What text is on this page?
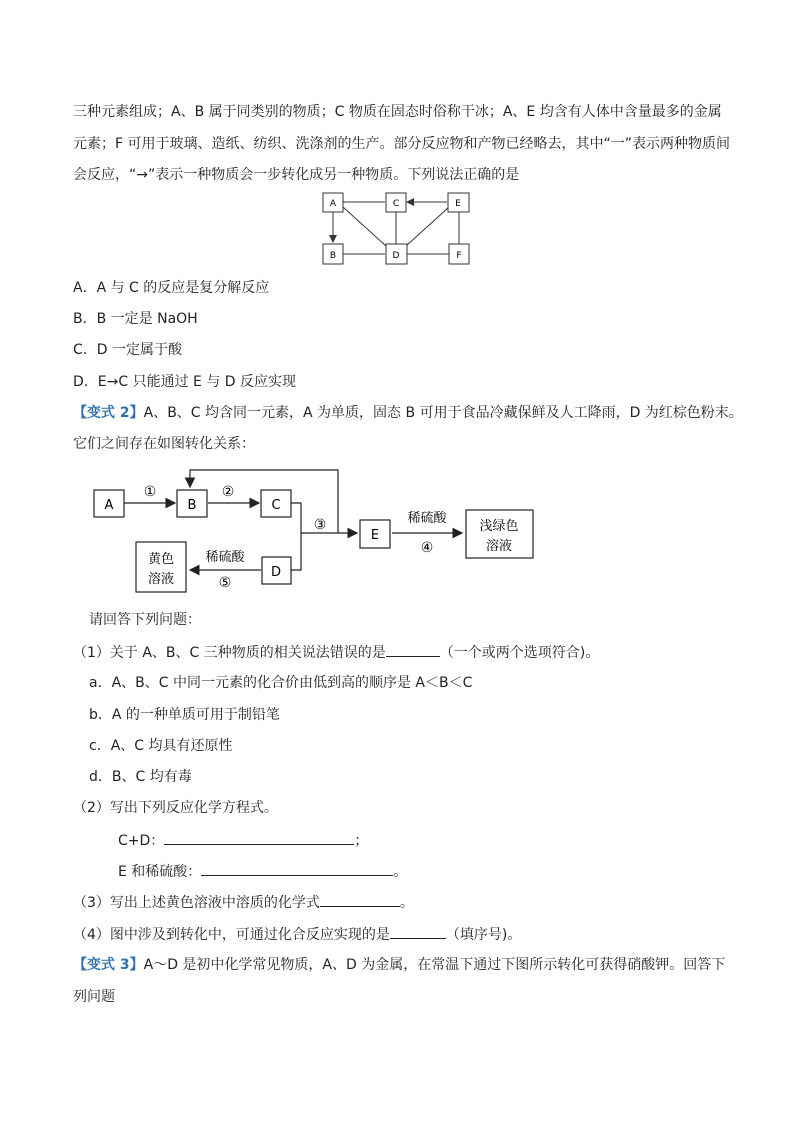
三种元素组成；A、B 属于同类别的物质；C 物质在固态时俗称干冰；A、E 均含有人体中含量最多的金属
元素；F 可用于玻璃、造纸、纺织、洗涤剂的生产。部分反应物和产物已经略去，其中“一”表示两种物质间
会反应，“→”表示一种物质会一步转化成另一种物质。下列说法正确的是
A	C	E
B	D	F
A．A 与 C 的反应是复分解反应
B．B 一定是 NaOH
C．D 一定属于酸
D．E→C 只能通过 E 与 D 反应实现
【变式 2】A、B、C 均含同一元素，A 为单质，固态 B 可用于食品冷藏保鲜及人工降雨，D 为红棕色粉末。
它们之间存在如图转化关系：
①	②
③	稀硫酸
④
稀硫酸
⑤
A	B	C
E
D
浅绿色
溶液
黄色
溶液
请回答下列问题：
（1）关于 A、B、C 三种物质的相关说法错误的是	（一个或两个选项符合)。
a．A、B、C 中同一元素的化合价由低到高的顺序是 A＜B＜C
b．A 的一种单质可用于制铅笔
c．A、C 均具有还原性
d．B、C 均有毒
（2）写出下列反应化学方程式。
C+D：	；
E 和稀硫酸：	。
（3）写出上述黄色溶液中溶质的化学式	。
（4）图中涉及到转化中，可通过化合反应实现的是	（填序号)。
【变式 3】A～D 是初中化学常见物质，A、D 为金属，在常温下通过下图所示转化可获得硝酸钾。回答下
列问题
